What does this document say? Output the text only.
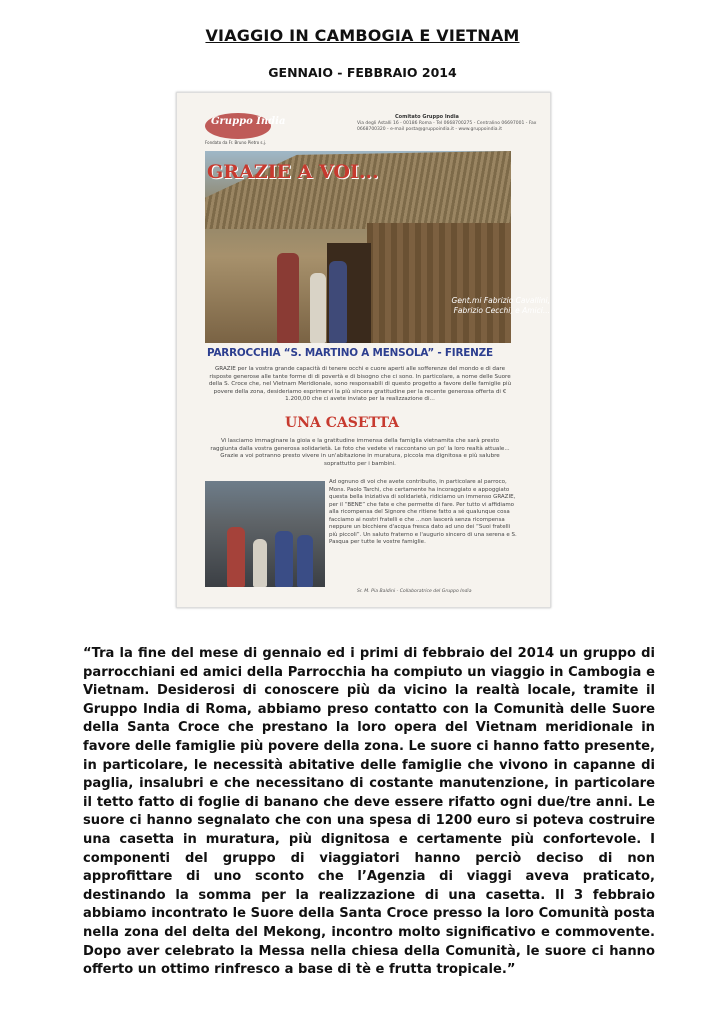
VIAGGIO IN CAMBOGIA E VIETNAM
GENNAIO - FEBBRAIO 2014
Gruppo India
Fondato da Fr. Bruno Pietro s.j.
Comitato Gruppo India
Via degli Astalli 16 - 00186 Roma - Tel 0668700275 - Centralino 06697001 - Fax 0668700320 - e-mail posta@gruppoindia.it - www.gruppoindia.it
GRAZIE A VOI...
Gent.mi Fabrizio Cavallini, Fabrizio Cecchi, e Amici...
PARROCCHIA “S. MARTINO A MENSOLA” - FIRENZE
GRAZIE per la vostra grande capacità di tenere occhi e cuore aperti alle sofferenze del mondo e di dare risposte generose alle tante forme di di povertà e di bisogno che ci sono. In particolare, a nome delle Suore della S. Croce che, nel Vietnam Meridionale, sono responsabili di questo progetto a favore delle famiglie più povere della zona, desideriamo esprimervi la più sincera gratitudine per la recente generosa offerta di € 1.200,00 che ci avete inviato per la realizzazione di...
UNA CASETTA
Vi lasciamo immaginare la gioia e la gratitudine immensa della famiglia vietnamita che sarà presto raggiunta dalla vostra generosa solidarietà. Le foto che vedete vi raccontano un po' la loro realtà attuale... Grazie a voi potranno presto vivere in un'abitazione in muratura, piccola ma dignitosa e più salubre soprattutto per i bambini.
Ad ognuno di voi che avete contribuito, in particolare al parroco, Mons. Paolo Tarchi, che certamente ha incoraggiato e appoggiato questa bella iniziativa di solidarietà, ridiciamo un immenso GRAZIE, per il “BENE” che fate e che permette di fare. Per tutto vi affidiamo alla ricompensa del Signore che ritiene fatto a sé qualunque cosa facciamo ai nostri fratelli e che ...non lascerà senza ricompensa neppure un bicchiere d'acqua fresca dato ad uno dei “Suoi fratelli più piccoli”. Un saluto fraterno e l'augurio sincero di una serena e S. Pasqua per tutte le vostre famiglie.
Sr. M. Pia Baldini - Collaboratrice del Gruppo India
“Tra la fine del mese di gennaio ed i primi di febbraio del 2014 un gruppo di parrocchiani ed amici della Parrocchia ha compiuto un viaggio in Cambogia e Vietnam. Desiderosi di conoscere più da vicino la realtà locale, tramite il Gruppo India di Roma, abbiamo preso contatto con la Comunità delle Suore della Santa Croce che prestano la loro opera del Vietnam meridionale in favore delle famiglie più povere della zona. Le suore ci hanno fatto presente, in particolare, le necessità abitative delle famiglie che vivono in capanne di paglia, insalubri e che necessitano di costante manutenzione, in particolare il tetto fatto di foglie di banano che deve essere rifatto ogni due/tre anni. Le suore ci hanno segnalato che con una spesa di 1200 euro si poteva costruire una casetta in muratura, più dignitosa e certamente più confortevole. I componenti del gruppo di viaggiatori hanno perciò deciso di non approfittare di uno sconto che l’Agenzia di viaggi aveva praticato, destinando la somma per la realizzazione di una casetta. Il 3 febbraio abbiamo incontrato le Suore della Santa Croce presso la loro Comunità posta nella zona del delta del Mekong, incontro molto significativo e commovente. Dopo aver celebrato la Messa nella chiesa della Comunità, le suore ci hanno offerto un ottimo rinfresco a base di tè e frutta tropicale.”
